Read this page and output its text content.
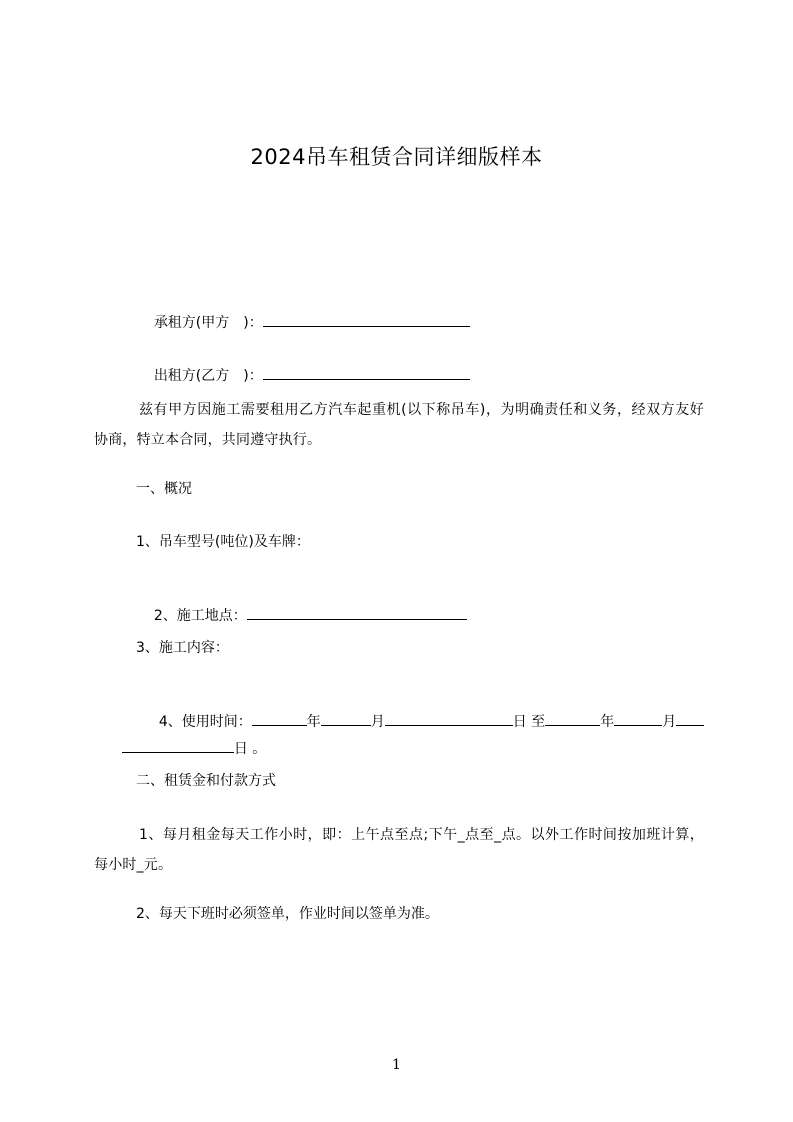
2024吊车租赁合同详细版样本

承租方(甲方　)：

出租方(乙方　)：

兹有甲方因施工需要租用乙方汽车起重机(以下称吊车)，为明确责任和义务，经双方友好协商，特立本合同，共同遵守执行。
一、概况
1、吊车型号(吨位)及车牌：

2、施工地点：

3、施工内容：

4、使用时间：	年	月	日 至	年	月

日 。

二、租赁金和付款方式
1、每月租金每天工作小时，即：上午点至点;下午_点至_点。以外工作时间按加班计算，每小时_元。
2、每天下班时必须签单，作业时间以签单为准。
1
